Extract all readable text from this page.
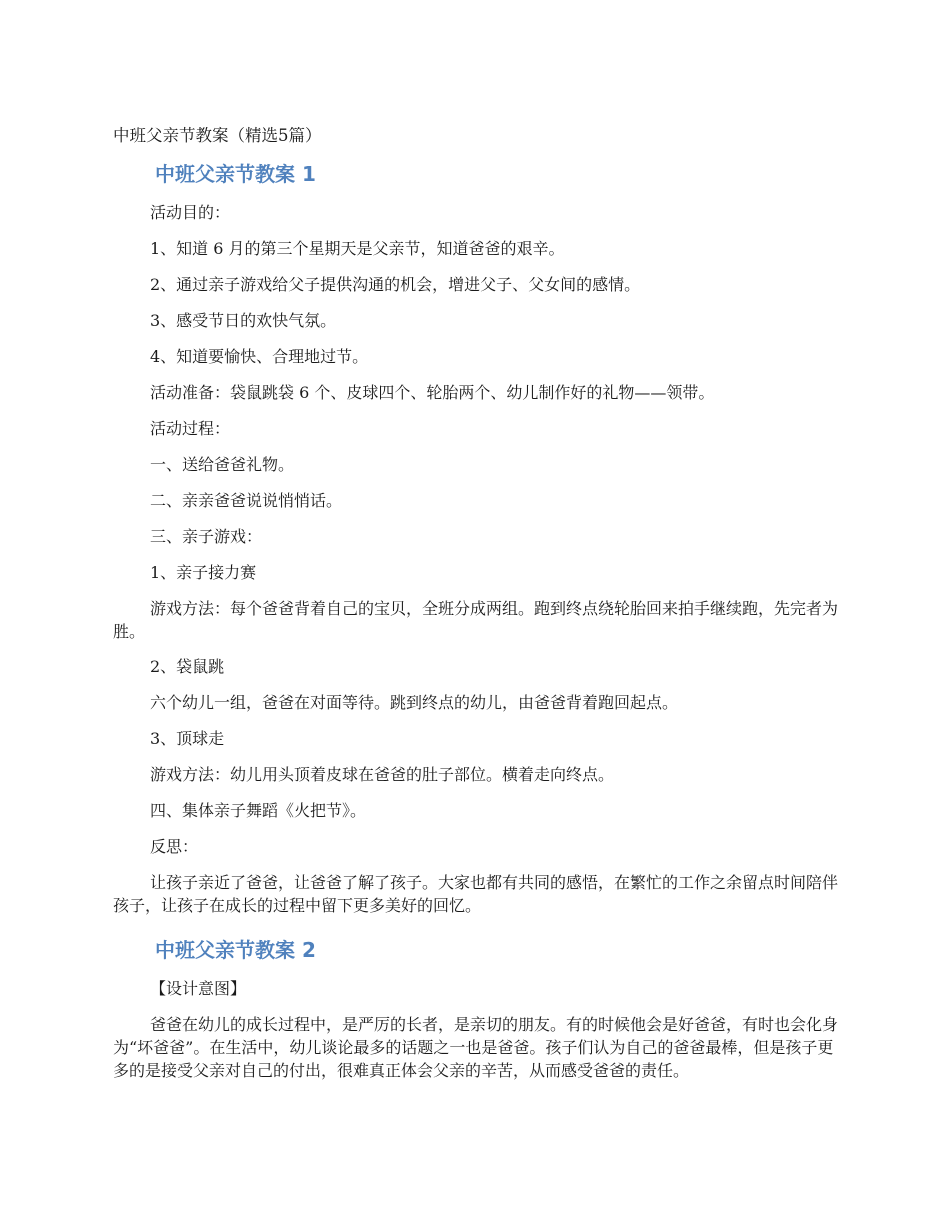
中班父亲节教案（精选5篇）

中班父亲节教案 1

活动目的：

1、知道 6 月的第三个星期天是父亲节，知道爸爸的艰辛。

2、通过亲子游戏给父子提供沟通的机会，增进父子、父女间的感情。

3、感受节日的欢快气氛。

4、知道要愉快、合理地过节。

活动准备：袋鼠跳袋 6 个、皮球四个、轮胎两个、幼儿制作好的礼物——领带。

活动过程：

一、送给爸爸礼物。

二、亲亲爸爸说说悄悄话。

三、亲子游戏：

1、亲子接力赛

游戏方法：每个爸爸背着自己的宝贝，全班分成两组。跑到终点绕轮胎回来拍手继续跑，先完者为胜。

2、袋鼠跳

六个幼儿一组，爸爸在对面等待。跳到终点的幼儿，由爸爸背着跑回起点。

3、顶球走

游戏方法：幼儿用头顶着皮球在爸爸的肚子部位。横着走向终点。

四、集体亲子舞蹈《火把节》。

反思：

让孩子亲近了爸爸，让爸爸了解了孩子。大家也都有共同的感悟，在繁忙的工作之余留点时间陪伴孩子，让孩子在成长的过程中留下更多美好的回忆。

中班父亲节教案 2

【设计意图】

爸爸在幼儿的成长过程中，是严厉的长者，是亲切的朋友。有的时候他会是好爸爸，有时也会化身为“坏爸爸”。在生活中，幼儿谈论最多的话题之一也是爸爸。孩子们认为自己的爸爸最棒，但是孩子更多的是接受父亲对自己的付出，很难真正体会父亲的辛苦，从而感受爸爸的责任。
